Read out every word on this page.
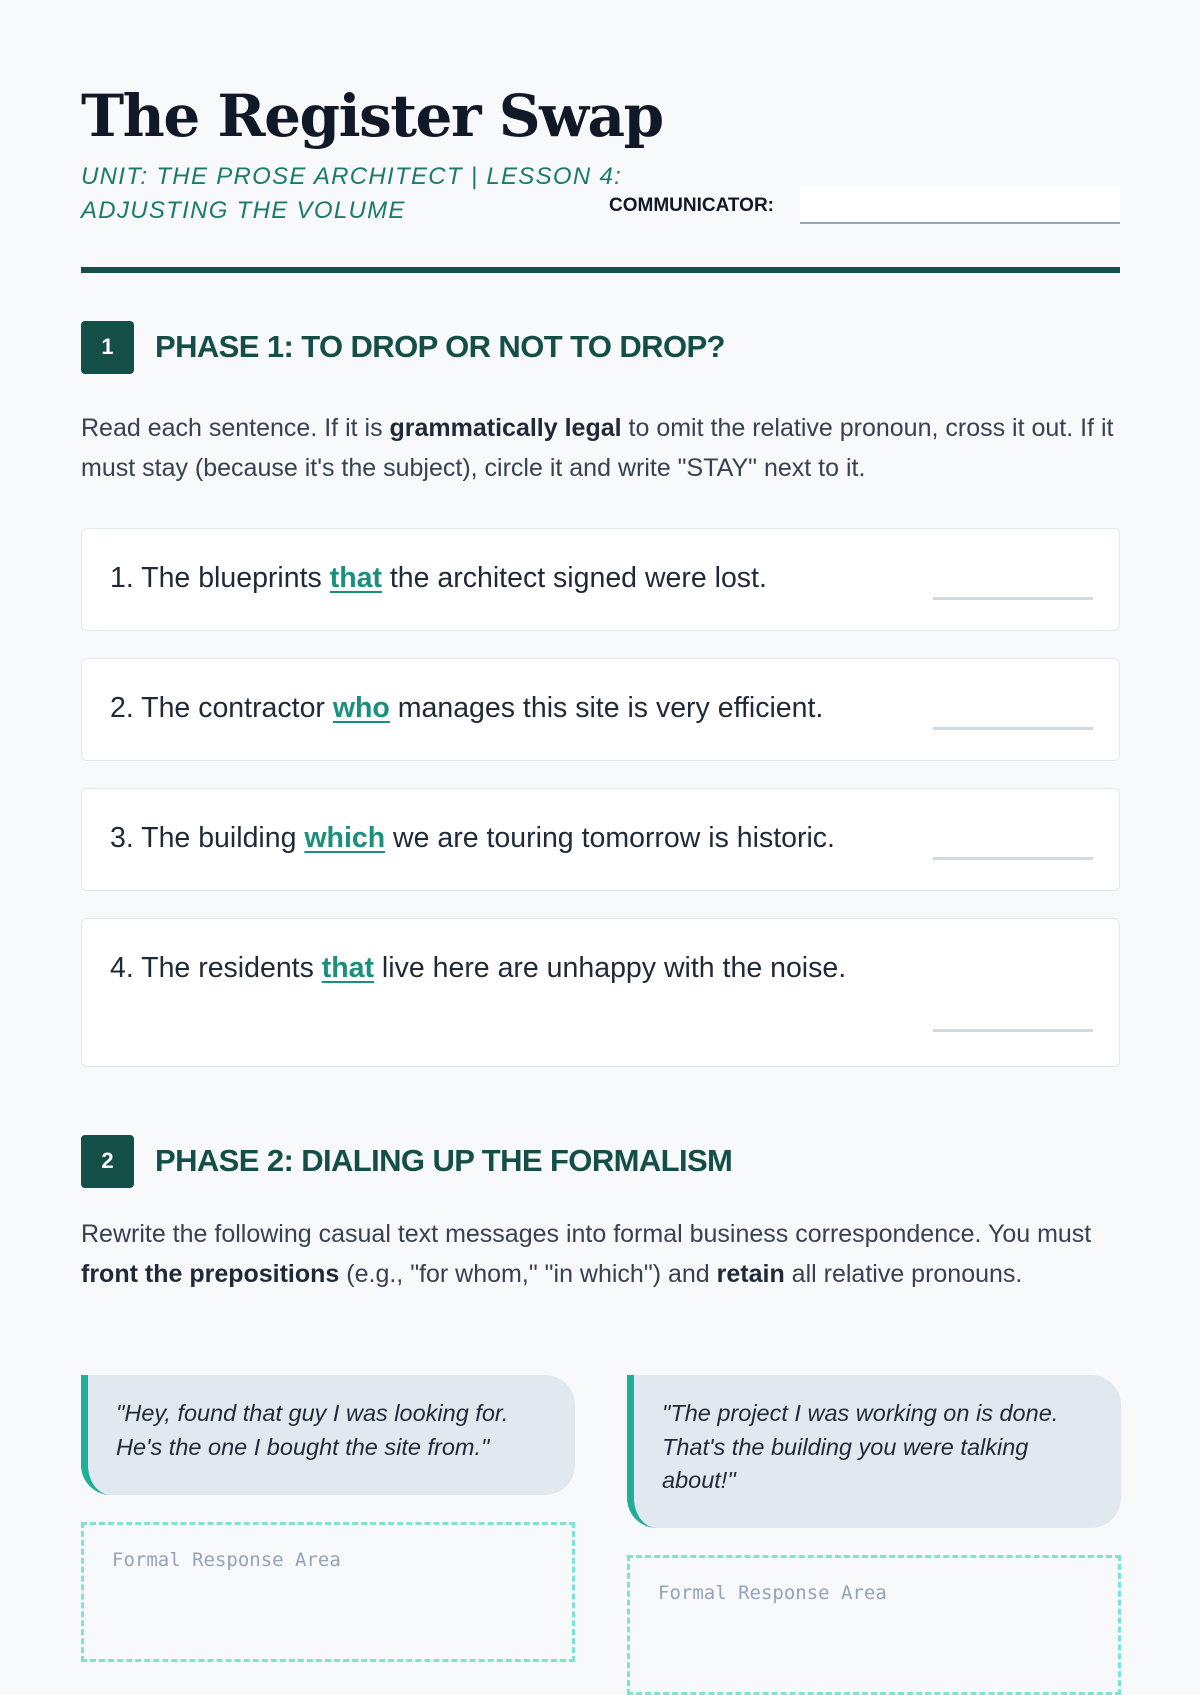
The Register Swap
UNIT: THE PROSE ARCHITECT | LESSON 4: ADJUSTING THE VOLUME	COMMUNICATOR:
1	PHASE 1: TO DROP OR NOT TO DROP?
Read each sentence. If it is grammatically legal to omit the relative pronoun, cross it out. If it must stay (because it's the subject), circle it and write "STAY" next to it.
1. The blueprints that the architect signed were lost.
2. The contractor who manages this site is very efficient.
3. The building which we are touring tomorrow is historic.
4. The residents that live here are unhappy with the noise.
2	PHASE 2: DIALING UP THE FORMALISM
Rewrite the following casual text messages into formal business correspondence. You must front the prepositions (e.g., "for whom," "in which") and retain all relative pronouns.
"Hey, found that guy I was looking for. He's the one I bought the site from."
Formal Response Area
"The project I was working on is done. That's the building you were talking about!"
Formal Response Area
